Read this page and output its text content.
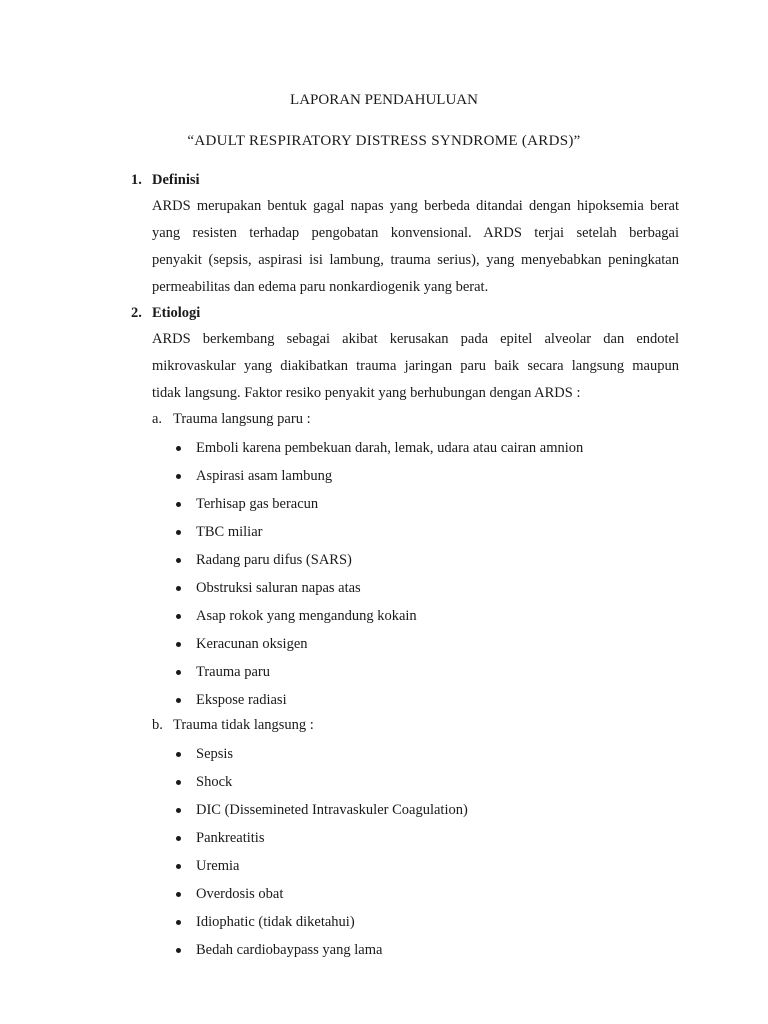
LAPORAN PENDAHULUAN
“ADULT RESPIRATORY DISTRESS SYNDROME (ARDS)”
1. Definisi

ARDS merupakan bentuk gagal napas yang berbeda ditandai dengan hipoksemia berat
yang resisten terhadap pengobatan konvensional. ARDS terjai setelah berbagai
penyakit (sepsis, aspirasi isi lambung, trauma serius), yang menyebabkan peningkatan
permeabilitas dan edema paru nonkardiogenik yang berat.

2. Etiologi

ARDS berkembang sebagai akibat kerusakan pada epitel alveolar dan endotel
mikrovaskular yang diakibatkan trauma jaringan paru baik secara langsung maupun
tidak langsung. Faktor resiko penyakit yang berhubungan dengan ARDS :

a. Trauma langsung paru :
Emboli karena pembekuan darah, lemak, udara atau cairan amnion
Aspirasi asam lambung
Terhisap gas beracun
TBC miliar
Radang paru difus (SARS)
Obstruksi saluran napas atas
Asap rokok yang mengandung kokain
Keracunan oksigen
Trauma paru
Ekspose radiasi
b. Trauma tidak langsung :
Sepsis
Shock
DIC (Dissemineted Intravaskuler Coagulation)
Pankreatitis
Uremia
Overdosis obat
Idiophatic (tidak diketahui)
Bedah cardiobaypass yang lama
